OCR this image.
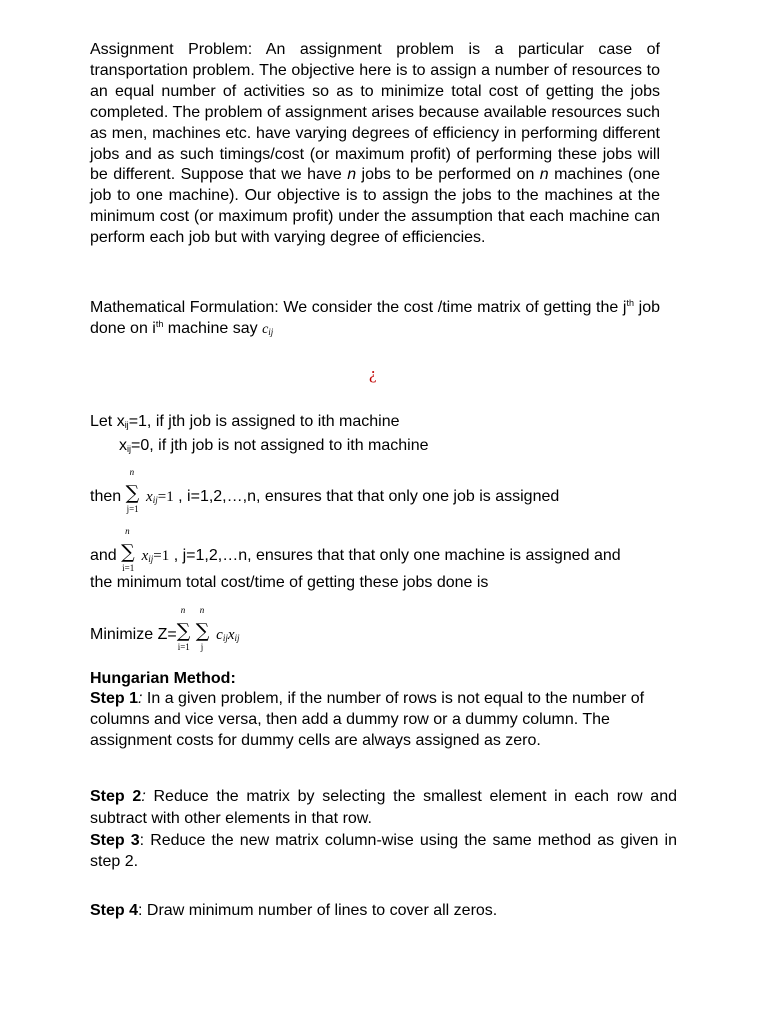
Assignment Problem: An assignment problem is a particular case of transportation problem. The objective here is to assign a number of resources to an equal number of activities so as to minimize total cost of getting the jobs completed. The problem of assignment arises because available resources such as men, machines etc. have varying degrees of efficiency in performing different jobs and as such timings/cost (or maximum profit) of performing these jobs will be different. Suppose that we have n jobs to be performed on n machines (one job to one machine). Our objective is to assign the jobs to the machines at the minimum cost (or maximum profit) under the assumption that each machine can perform each job but with varying degree of efficiencies.

Mathematical Formulation: We consider the cost /time matrix of getting the $j^{th}$ job done on $i^{th}$ machine say $c_{ij}$

¿

Let $x_{ij}=1$, if jth job is assigned to ith machine

$x_{ij}=0$, if jth job is not assigned to ith machine

then
n
∑
j=1
$x_{ij}=1$ , i=1,2,…,n, ensures that that only one job is assigned

and
n
∑
i=1
$x_{ij}=1$ , j=1,2,…n, ensures that that only one machine is assigned and

the minimum total cost/time of getting these jobs done is

Minimize Z=
n
∑
i=1
n
∑
j
$c_{ij}x_{ij}$

Hungarian Method:

Step 1: In a given problem, if the number of rows is not equal to the number of columns and vice versa, then add a dummy row or a dummy column. The assignment costs for dummy cells are always assigned as zero.

Step 2: Reduce the matrix by selecting the smallest element in each row and subtract with other elements in that row.

Step 3: Reduce the new matrix column-wise using the same method as given in step 2.

Step 4: Draw minimum number of lines to cover all zeros.
